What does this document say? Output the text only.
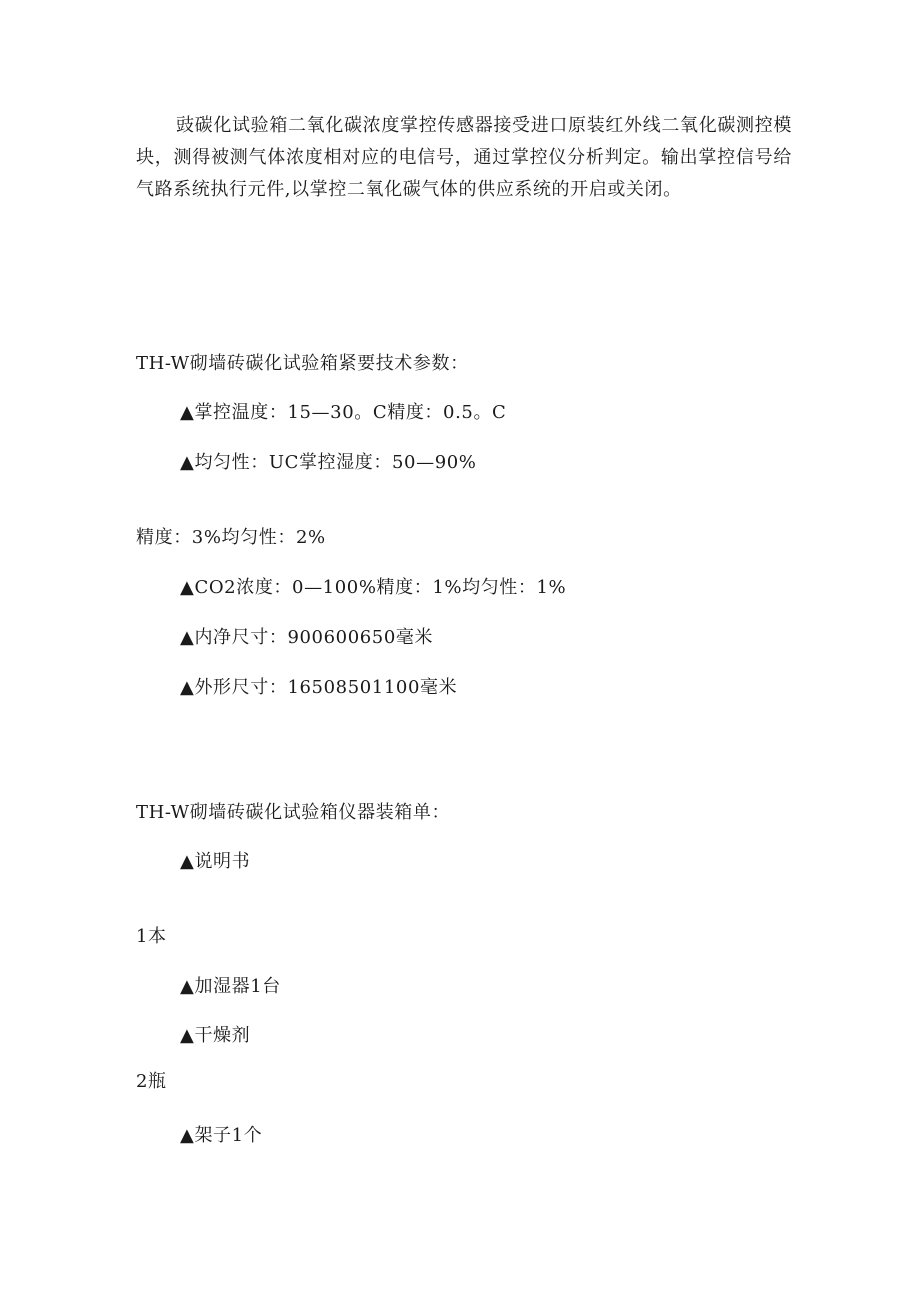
豉碳化试验箱二氧化碳浓度掌控传感器接受进口原装红外线二氧化碳测控模块，测得被测气体浓度相对应的电信号，通过掌控仪分析判定。输出掌控信号给气路系统执行元件,以掌控二氧化碳气体的供应系统的开启或关闭。

TH-W砌墙砖碳化试验箱紧要技术参数：

▲掌控温度：15—30。C精度：0.5。C

▲均匀性：UC掌控湿度：50—90%

精度：3%均匀性：2%

▲CO2浓度：0—100%精度：1%均匀性：1%

▲内净尺寸：900600650毫米

▲外形尺寸：16508501100毫米

TH-W砌墙砖碳化试验箱仪器装箱单：

▲说明书

1本

▲加湿器1台

▲干燥剂

2瓶

▲架子1个
